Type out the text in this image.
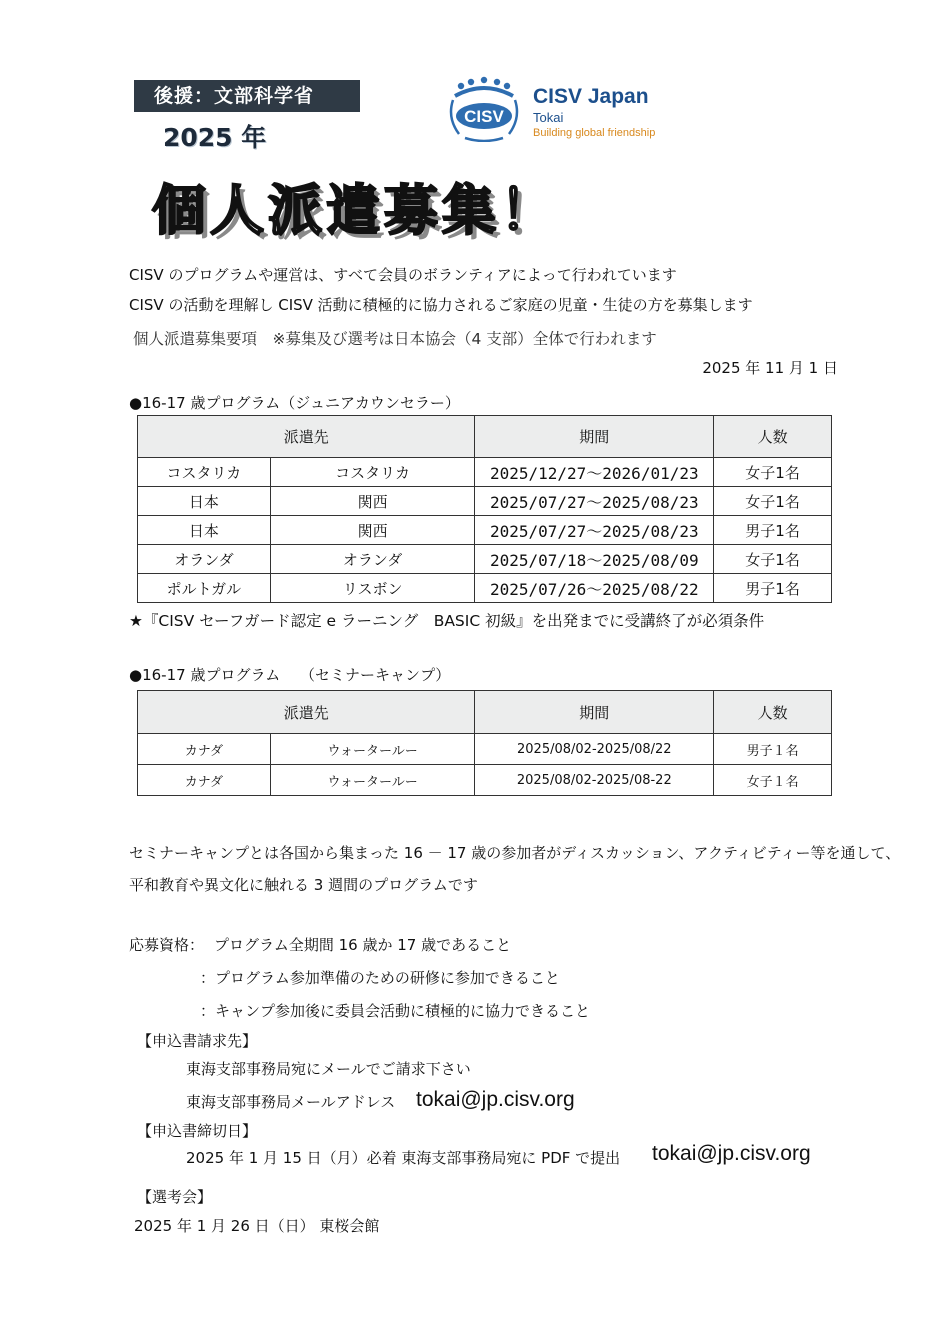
後援：文部科学省
2025 年
CISV
CISV Japan
Tokai
Building global friendship
個人派遣募集！
CISV のプログラムや運営は、すべて会員のボランティアによって行われています
CISV の活動を理解し CISV 活動に積極的に協力されるご家庭の児童・生徒の方を募集します
個人派遣募集要項　※募集及び選考は日本協会（4 支部）全体で行われます
2025 年 11 月 1 日
●16-17 歳プログラム（ジュニアカウンセラー）
派遣先		期間	人数
コスタリカ	コスタリカ	2025/12/27～2026/01/23	女子1名
日本	関西	2025/07/27～2025/08/23	女子1名
日本	関西	2025/07/27～2025/08/23	男子1名
オランダ	オランダ	2025/07/18～2025/08/09	女子1名
ポルトガル	リスボン	2025/07/26～2025/08/22	男子1名
★『CISV セーフガード認定 e ラーニング　BASIC 初級』を出発までに受講終了が必須条件
●16-17 歳プログラム　 （セミナーキャンプ）
派遣先		期間	人数
カナダ	ウォータールー	2025/08/02-2025/08/22	男子１名
カナダ	ウォータールー	2025/08/02-2025/08-22	女子１名
セミナーキャンプとは各国から集まった 16 － 17 歳の参加者がディスカッション、アクティビティー等を通して、
平和教育や異文化に触れる 3 週間のプログラムです
応募資格： プログラム全期間 16 歳か 17 歳であること
：プログラム参加準備のための研修に参加できること
：キャンプ参加後に委員会活動に積極的に協力できること
【申込書請求先】
東海支部事務局宛にメールでご請求下さい
東海支部事務局メールアドレス tokai@jp.cisv.org
【申込書締切日】
2025 年 1 月 15 日（月）必着 東海支部事務局宛に PDF で提出 tokai@jp.cisv.org
【選考会】
2025 年 1 月 26 日（日） 東桜会館
